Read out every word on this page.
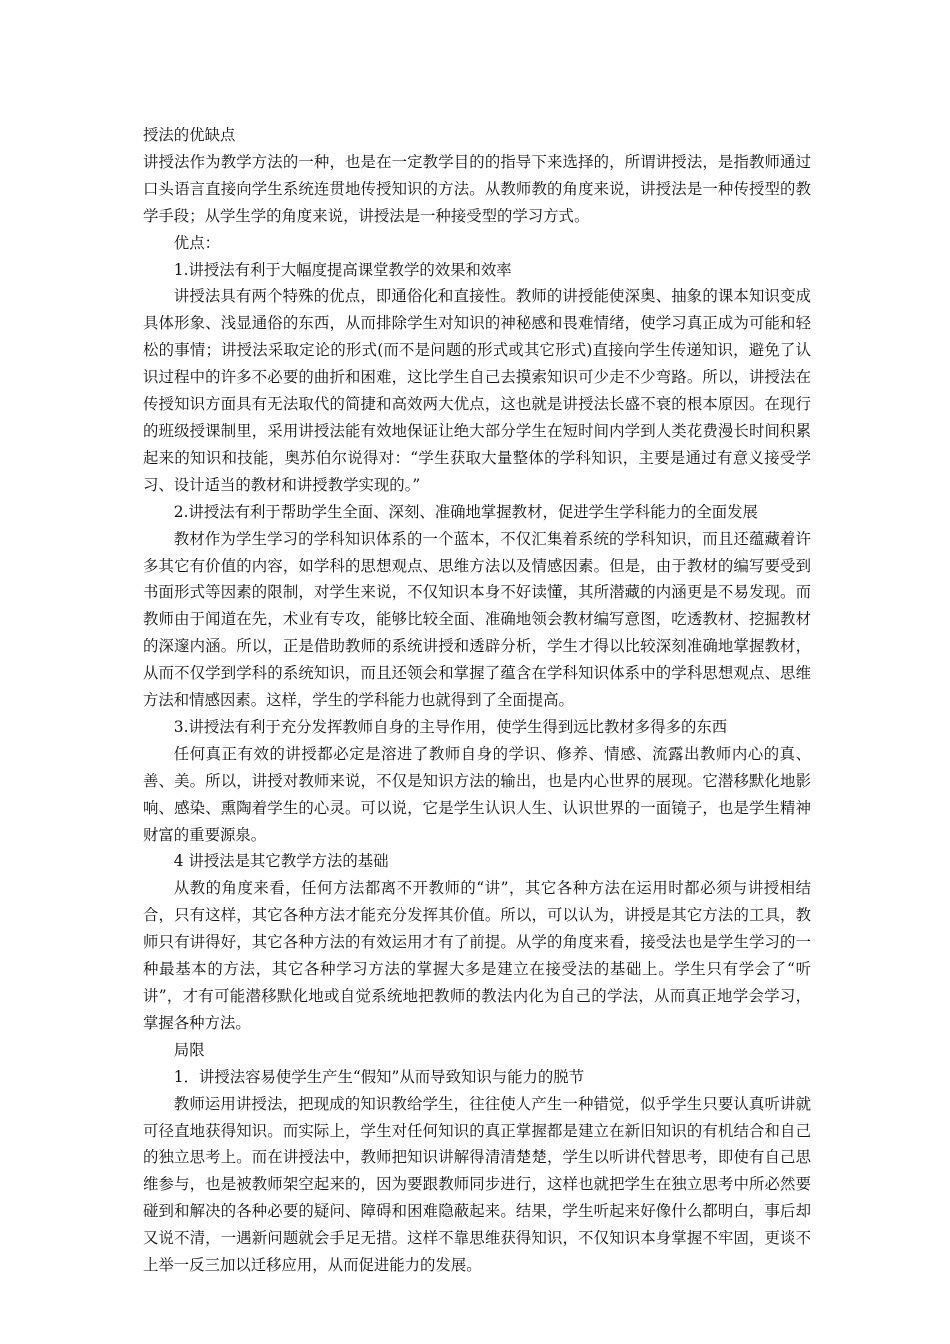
授法的优缺点

讲授法作为教学方法的一种，也是在一定教学目的的指导下来选择的，所谓讲授法，是指教师通过口头语言直接向学生系统连贯地传授知识的方法。从教师教的角度来说，讲授法是一种传授型的教学手段；从学生学的角度来说，讲授法是一种接受型的学习方式。

优点：

1.讲授法有利于大幅度提高课堂教学的效果和效率

讲授法具有两个特殊的优点，即通俗化和直接性。教师的讲授能使深奥、抽象的课本知识变成具体形象、浅显通俗的东西，从而排除学生对知识的神秘感和畏难情绪，使学习真正成为可能和轻松的事情；讲授法采取定论的形式(而不是问题的形式或其它形式)直接向学生传递知识，避免了认识过程中的许多不必要的曲折和困难，这比学生自己去摸索知识可少走不少弯路。所以，讲授法在传授知识方面具有无法取代的简捷和高效两大优点，这也就是讲授法长盛不衰的根本原因。在现行的班级授课制里，采用讲授法能有效地保证让绝大部分学生在短时间内学到人类花费漫长时间积累起来的知识和技能，奥苏伯尔说得对：“学生获取大量整体的学科知识，主要是通过有意义接受学习、设计适当的教材和讲授教学实现的。”

2.讲授法有利于帮助学生全面、深刻、准确地掌握教材，促进学生学科能力的全面发展

教材作为学生学习的学科知识体系的一个蓝本，不仅汇集着系统的学科知识，而且还蕴藏着许多其它有价值的内容，如学科的思想观点、思维方法以及情感因素。但是，由于教材的编写要受到书面形式等因素的限制，对学生来说，不仅知识本身不好读懂，其所潜藏的内涵更是不易发现。而教师由于闻道在先，术业有专攻，能够比较全面、准确地领会教材编写意图，吃透教材、挖掘教材的深邃内涵。所以，正是借助教师的系统讲授和透辟分析，学生才得以比较深刻准确地掌握教材，从而不仅学到学科的系统知识，而且还领会和掌握了蕴含在学科知识体系中的学科思想观点、思维方法和情感因素。这样，学生的学科能力也就得到了全面提高。

3.讲授法有利于充分发挥教师自身的主导作用，使学生得到远比教材多得多的东西

任何真正有效的讲授都必定是溶进了教师自身的学识、修养、情感、流露出教师内心的真、善、美。所以，讲授对教师来说，不仅是知识方法的输出，也是内心世界的展现。它潜移默化地影响、感染、熏陶着学生的心灵。可以说，它是学生认识人生、认识世界的一面镜子，也是学生精神财富的重要源泉。

4 讲授法是其它教学方法的基础

从教的角度来看，任何方法都离不开教师的“讲”，其它各种方法在运用时都必须与讲授相结合，只有这样，其它各种方法才能充分发挥其价值。所以，可以认为，讲授是其它方法的工具，教师只有讲得好，其它各种方法的有效运用才有了前提。从学的角度来看，接受法也是学生学习的一种最基本的方法，其它各种学习方法的掌握大多是建立在接受法的基础上。学生只有学会了“听讲”，才有可能潜移默化地或自觉系统地把教师的教法内化为自己的学法，从而真正地学会学习，掌握各种方法。

局限

1．讲授法容易使学生产生“假知”从而导致知识与能力的脱节

教师运用讲授法，把现成的知识教给学生，往往使人产生一种错觉，似乎学生只要认真听讲就可径直地获得知识。而实际上，学生对任何知识的真正掌握都是建立在新旧知识的有机结合和自己的独立思考上。而在讲授法中，教师把知识讲解得清清楚楚，学生以听讲代替思考，即使有自己思维参与，也是被教师架空起来的，因为要跟教师同步进行，这样也就把学生在独立思考中所必然要碰到和解决的各种必要的疑问、障碍和困难隐蔽起来。结果，学生听起来好像什么都明白，事后却又说不清，一遇新问题就会手足无措。这样不靠思维获得知识，不仅知识本身掌握不牢固，更谈不上举一反三加以迁移应用，从而促进能力的发展。
